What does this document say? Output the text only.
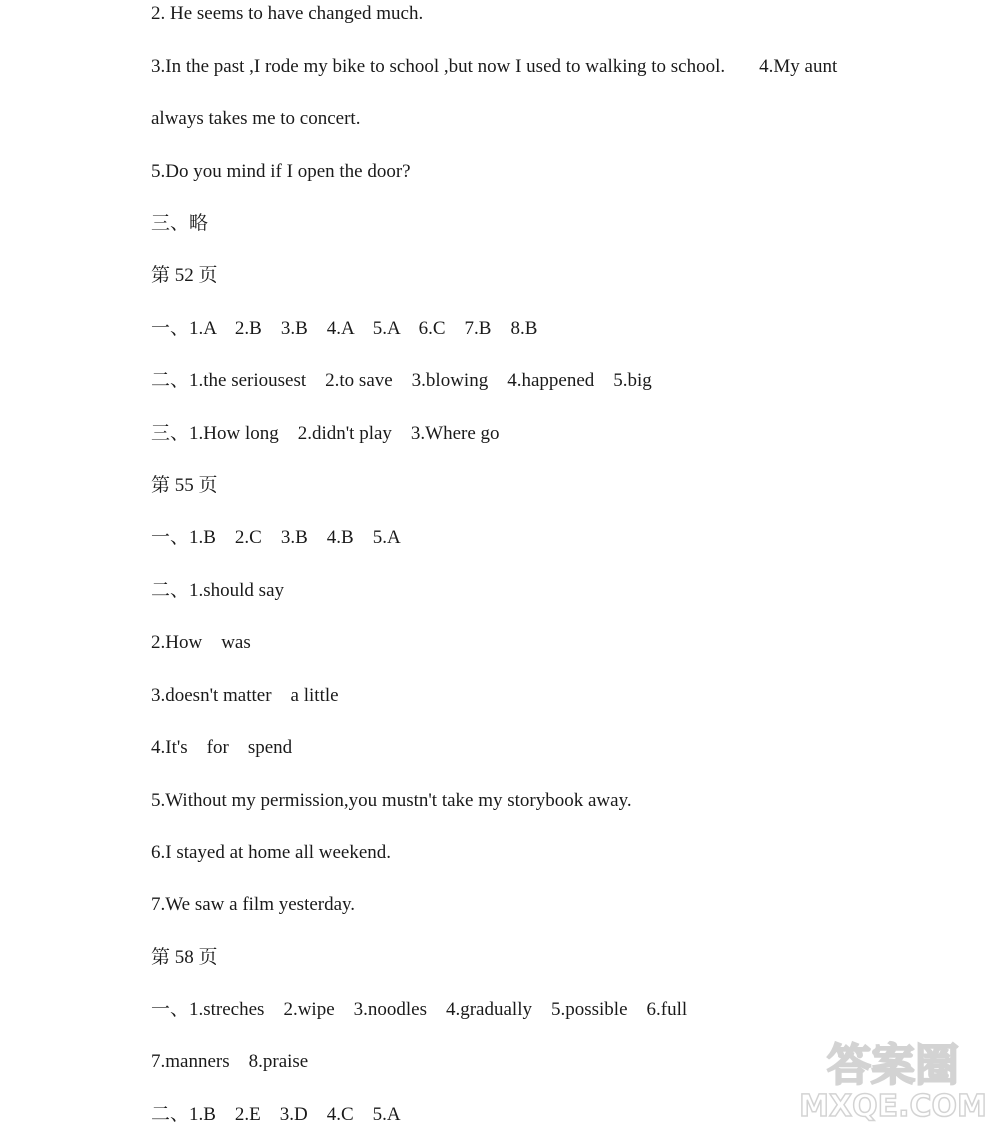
2. He seems to have changed much.
3.In the past ,I rode my bike to school ,but now I used to walking to school. 4.My aunt
always takes me to concert.
5.Do you mind if I open the door?
三、略
第 52 页
一、1.A    2.B    3.B    4.A    5.A    6.C    7.B    8.B
二、1.the seriousest    2.to save    3.blowing    4.happened    5.big
三、1.How long    2.didn't play    3.Where go
第 55 页
一、1.B    2.C    3.B    4.B    5.A
二、1.should say
2.How    was
3.doesn't matter    a little
4.It's    for    spend
5.Without my permission,you mustn't take my storybook away.
6.I stayed at home all weekend.
7.We saw a film yesterday.
第 58 页
一、1.streches    2.wipe    3.noodles    4.gradually    5.possible    6.full
7.manners    8.praise
二、1.B    2.E    3.D    4.C    5.A
答案圈
MXQE.COM
